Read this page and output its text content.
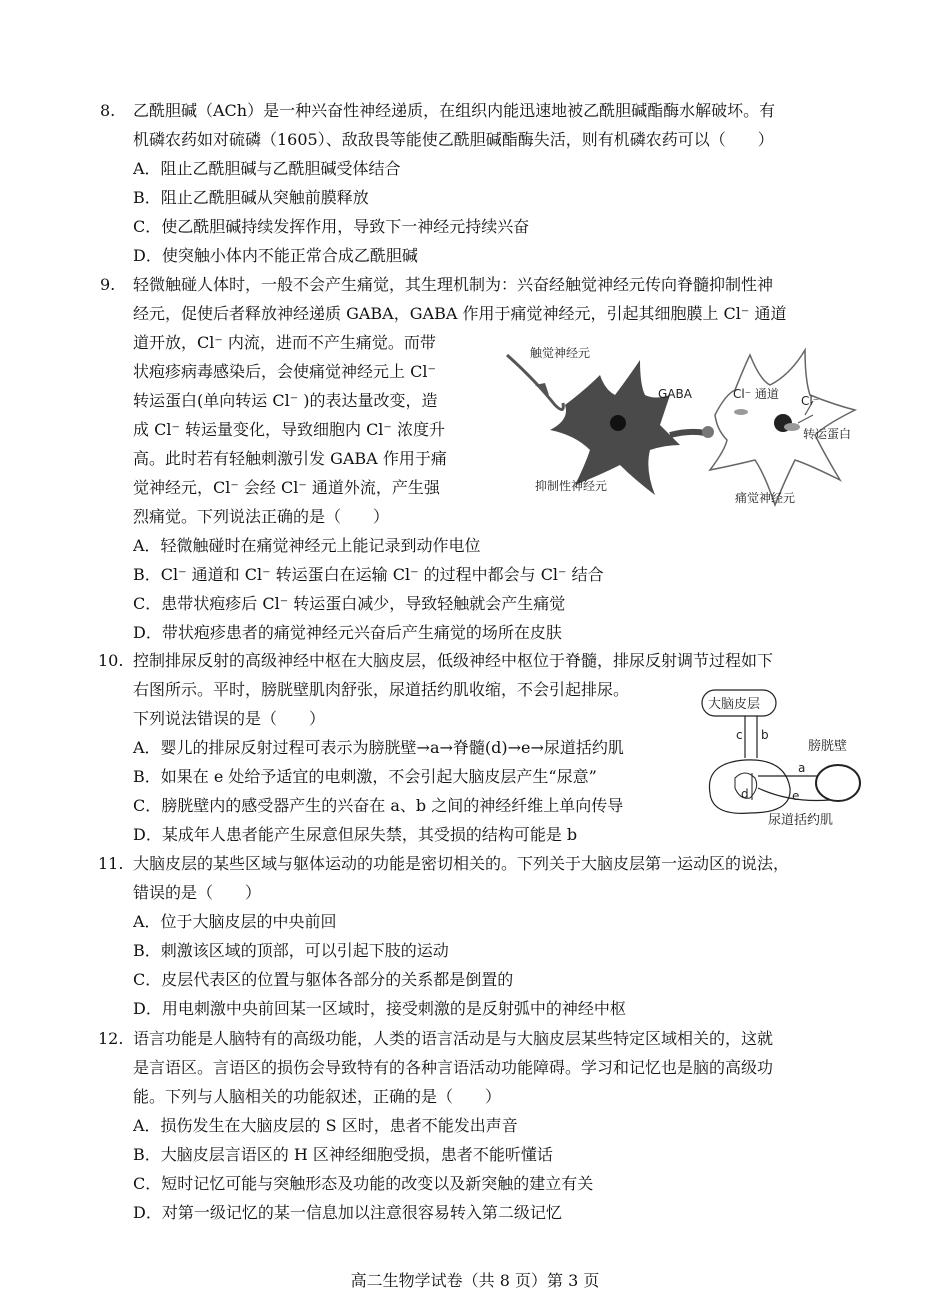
8. 乙酰胆碱（ACh）是一种兴奋性神经递质，在组织内能迅速地被乙酰胆碱酯酶水解破坏。有
机磷农药如对硫磷（1605）、敌敌畏等能使乙酰胆碱酯酶失活，则有机磷农药可以（　　）
A．阻止乙酰胆碱与乙酰胆碱受体结合
B．阻止乙酰胆碱从突触前膜释放
C．使乙酰胆碱持续发挥作用，导致下一神经元持续兴奋
D．使突触小体内不能正常合成乙酰胆碱
9. 轻微触碰人体时，一般不会产生痛觉，其生理机制为：兴奋经触觉神经元传向脊髓抑制性神
经元，促使后者释放神经递质 GABA，GABA 作用于痛觉神经元，引起其细胞膜上 Cl⁻ 通道
道开放，Cl⁻ 内流，进而不产生痛觉。而带
状疱疹病毒感染后，会使痛觉神经元上 Cl⁻
转运蛋白(单向转运 Cl⁻ )的表达量改变，造
成 Cl⁻ 转运量变化，导致细胞内 Cl⁻ 浓度升
高。此时若有轻触刺激引发 GABA 作用于痛
觉神经元，Cl⁻ 会经 Cl⁻ 通道外流，产生强
烈痛觉。下列说法正确的是（　　）
A．轻微触碰时在痛觉神经元上能记录到动作电位
B．Cl⁻ 通道和 Cl⁻ 转运蛋白在运输 Cl⁻ 的过程中都会与 Cl⁻ 结合
C．患带状疱疹后 Cl⁻ 转运蛋白减少，导致轻触就会产生痛觉
D．带状疱疹患者的痛觉神经元兴奋后产生痛觉的场所在皮肤
触觉神经元
GABA	Cl⁻ 通道 Cl⁻
转运蛋白
抑制性神经元
痛觉神经元
10. 控制排尿反射的高级神经中枢在大脑皮层，低级神经中枢位于脊髓，排尿反射调节过程如下
右图所示。平时，膀胱壁肌肉舒张，尿道括约肌收缩，不会引起排尿。
下列说法错误的是（　　）
A．婴儿的排尿反射过程可表示为膀胱壁→a→脊髓(d)→e→尿道括约肌
B．如果在 e 处给予适宜的电刺激，不会引起大脑皮层产生“尿意”
C．膀胱壁内的感受器产生的兴奋在 a、b 之间的神经纤维上单向传导
D．某成年人患者能产生尿意但尿失禁，其受损的结构可能是 b
大脑皮层
c b
d
膀胱壁
a
e
尿道括约肌
11. 大脑皮层的某些区域与躯体运动的功能是密切相关的。下列关于大脑皮层第一运动区的说法，
错误的是（　　）
A．位于大脑皮层的中央前回
B．刺激该区域的顶部，可以引起下肢的运动
C．皮层代表区的位置与躯体各部分的关系都是倒置的
D．用电刺激中央前回某一区域时，接受刺激的是反射弧中的神经中枢
12. 语言功能是人脑特有的高级功能，人类的语言活动是与大脑皮层某些特定区域相关的，这就
是言语区。言语区的损伤会导致特有的各种言语活动功能障碍。学习和记忆也是脑的高级功
能。下列与人脑相关的功能叙述，正确的是（　　）
A．损伤发生在大脑皮层的 S 区时，患者不能发出声音
B．大脑皮层言语区的 H 区神经细胞受损，患者不能听懂话
C．短时记忆可能与突触形态及功能的改变以及新突触的建立有关
D．对第一级记忆的某一信息加以注意很容易转入第二级记忆
高二生物学试卷（共 8 页）第 3 页
